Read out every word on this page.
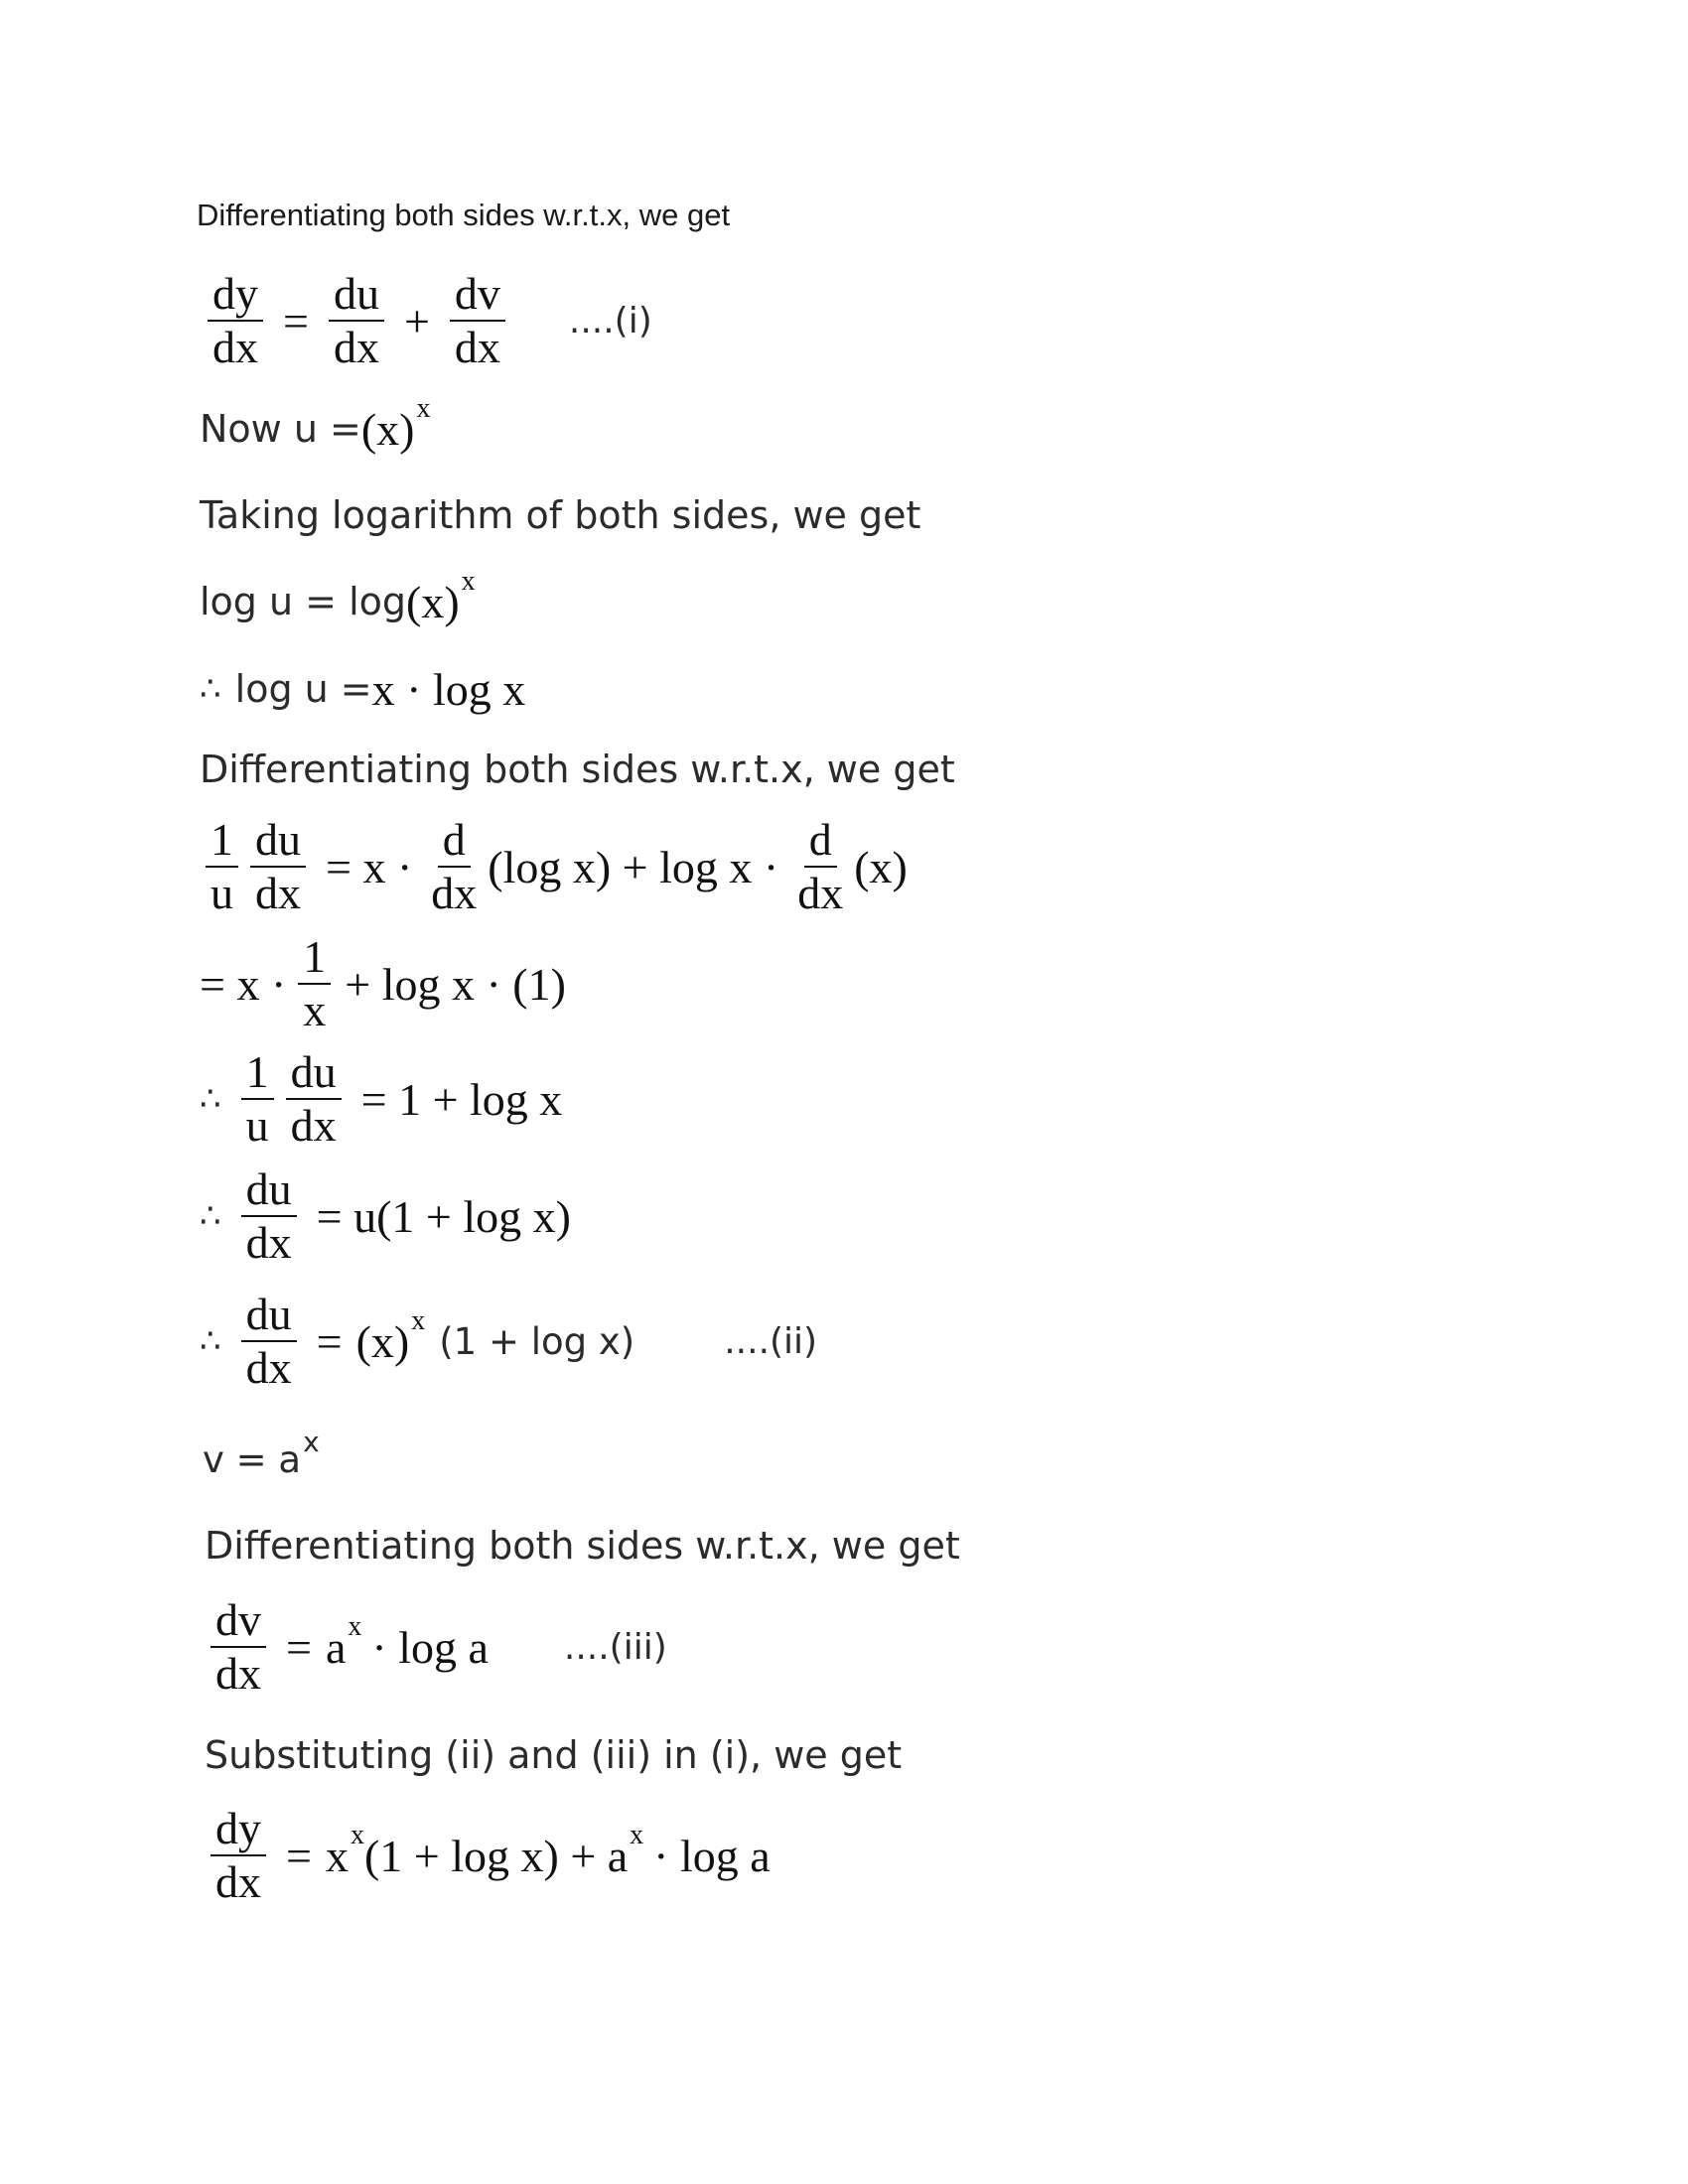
Differentiating both sides w.r.t.x, we get
$\frac{dy}{dx} = \frac{du}{dx} + \frac{dv}{dx} ....(i)$
Now u = (x) x
Taking logarithm of both sides, we get
log u = log (x) x
∴ log u = x · log x
Differentiating both sides w.r.t.x, we get
$\frac{1}{u} \frac{du}{dx} = x \cdot \frac{d}{dx} (\log$ $x) + \log x \cdot \frac{d}{dx} (x)$
= $x \cdot \frac{1}{x} + \log x \cdot (1)$
∴ $\frac{1}{u} \frac{du}{dx} = 1 + \log x$
∴ $\frac{du}{dx} = u(1 + \log x)$
∴ $\frac{du}{dx} = (x)$ x (1 + log x)	....(ii)
v = a x
Differentiating both sides w.r.t.x, we get
$\frac{dv}{dx} = a$ x · log a ....(iii)
Substituting (ii) and (iii) in (i), we get
$\frac{dy}{dx} = x$ x (1 + log x) + a x · log a
